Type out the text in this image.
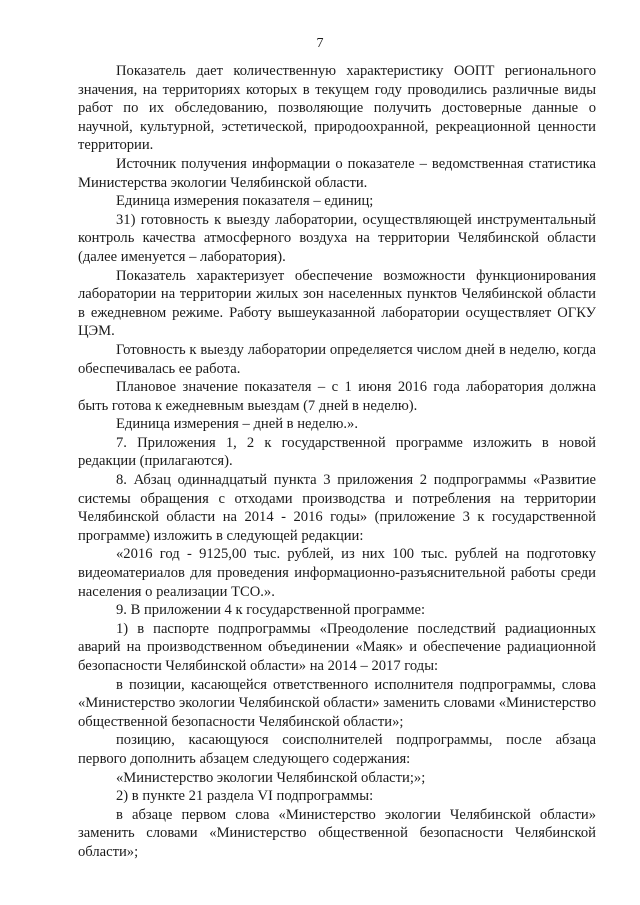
7

Показатель дает количественную характеристику ООПТ регионального значения, на территориях которых в текущем году проводились различные виды работ по их обследованию, позволяющие получить достоверные данные о научной, культурной, эстетической, природоохранной, рекреационной ценности территории.

Источник получения информации о показателе – ведомственная статистика Министерства экологии Челябинской области.

Единица измерения показателя – единиц;

31) готовность к выезду лаборатории, осуществляющей инструментальный контроль качества атмосферного воздуха на территории Челябинской области (далее именуется – лаборатория).

Показатель характеризует обеспечение возможности функционирования лаборатории на территории жилых зон населенных пунктов Челябинской области в ежедневном режиме. Работу вышеуказанной лаборатории осуществляет ОГКУ ЦЭМ.

Готовность к выезду лаборатории определяется числом дней в неделю, когда обеспечивалась ее работа.

Плановое значение показателя – с 1 июня 2016 года лаборатория должна быть готова к ежедневным выездам (7 дней в неделю).

Единица измерения – дней в неделю.».

7. Приложения 1, 2 к государственной программе изложить в новой редакции (прилагаются).

8. Абзац одиннадцатый пункта 3 приложения 2 подпрограммы «Развитие системы обращения с отходами производства и потребления на территории Челябинской области на 2014 - 2016 годы» (приложение 3 к государственной программе) изложить в следующей редакции:

«2016 год - 9125,00 тыс. рублей, из них 100 тыс. рублей на подготовку видеоматериалов для проведения информационно-разъяснительной работы среди населения о реализации ТСО.».

9. В приложении 4 к государственной программе:

1) в паспорте подпрограммы «Преодоление последствий радиационных аварий на производственном объединении «Маяк» и обеспечение радиационной безопасности Челябинской области» на 2014 – 2017 годы:

в позиции, касающейся ответственного исполнителя подпрограммы, слова «Министерство экологии Челябинской области» заменить словами «Министерство общественной безопасности Челябинской области»;

позицию, касающуюся соисполнителей подпрограммы, после абзаца первого дополнить абзацем следующего содержания:

«Министерство экологии Челябинской области;»;

2) в пункте 21 раздела VI подпрограммы:

в абзаце первом слова «Министерство экологии Челябинской области» заменить словами «Министерство общественной безопасности Челябинской области»;
